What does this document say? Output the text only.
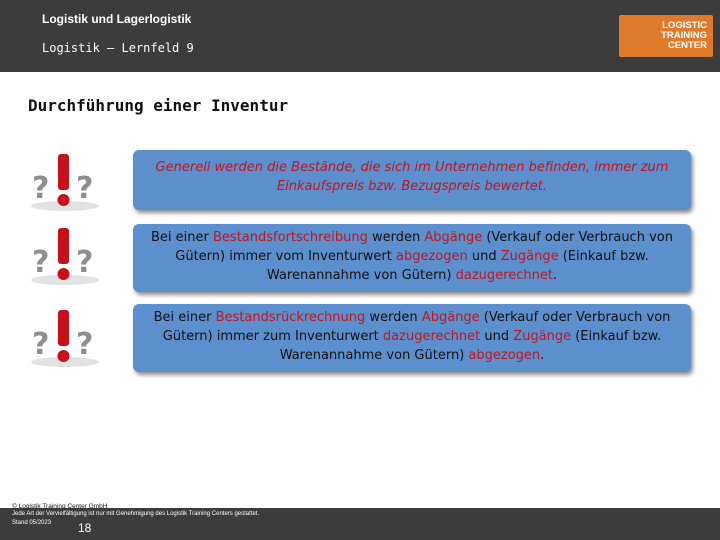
Logistik und Lagerlogistik
Logistik – Lernfeld 9
LOGISTIC
TRAINING
CENTER
Durchführung einer Inventur
? ?
? ?
? ?
Generell werden die Bestände, die sich im Unternehmen befinden, immer zum Einkaufspreis bzw. Bezugspreis bewertet.
Bei einer Bestandsfortschreibung werden Abgänge (Verkauf oder Verbrauch von Gütern) immer vom Inventurwert abgezogen und Zugänge (Einkauf bzw. Warenannahme von Gütern) dazugerechnet.
Bei einer Bestandsrückrechnung werden Abgänge (Verkauf oder Verbrauch von Gütern) immer zum Inventurwert dazugerechnet und Zugänge (Einkauf bzw. Warenannahme von Gütern) abgezogen.
© Logistik Training Center GmbH
Jede Art der Vervielfältigung ist nur mit Genehmigung des Logistik Training Centers gestattet.
Stand 05/2023 18
